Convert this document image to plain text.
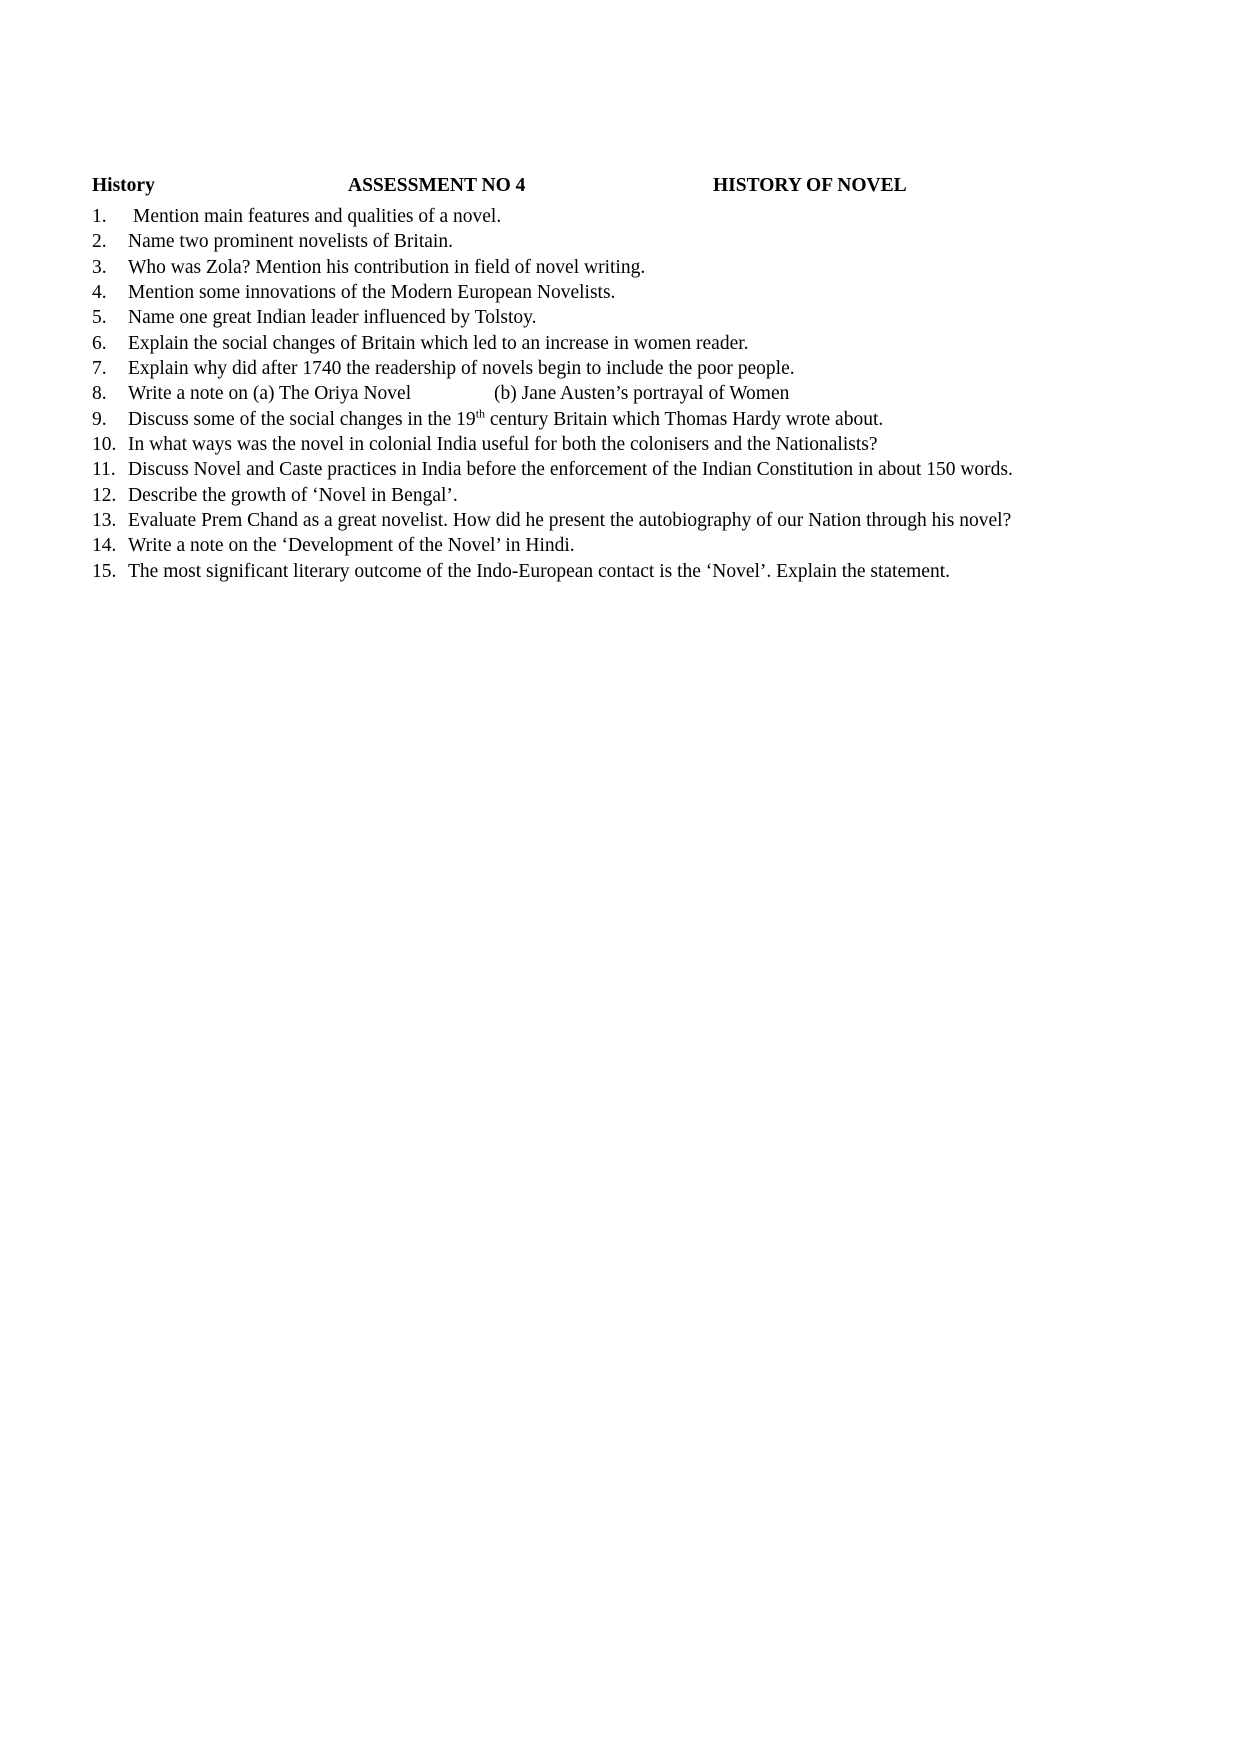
History	ASSESSMENT NO 4	HISTORY OF NOVEL
1. Mention main features and qualities of a novel.
2. Name two prominent novelists of Britain.
3. Who was Zola? Mention his contribution in field of novel writing.
4. Mention some innovations of the Modern European Novelists.
5. Name one great Indian leader influenced by Tolstoy.
6. Explain the social changes of Britain which led to an increase in women reader.
7. Explain why did after 1740 the readership of novels begin to include the poor people.
8. Write a note on (a) The Oriya Novel	(b) Jane Austen’s portrayal of Women
9. Discuss some of the social changes in the 19th century Britain which Thomas Hardy wrote about.
10. In what ways was the novel in colonial India useful for both the colonisers and the Nationalists?
11. Discuss Novel and Caste practices in India before the enforcement of the Indian Constitution in about 150 words.
12. Describe the growth of ‘Novel in Bengal’.
13. Evaluate Prem Chand as a great novelist. How did he present the autobiography of our Nation through his novel?
14. Write a note on the ‘Development of the Novel’ in Hindi.
15. The most significant literary outcome of the Indo-European contact is the ‘Novel’. Explain the statement.
